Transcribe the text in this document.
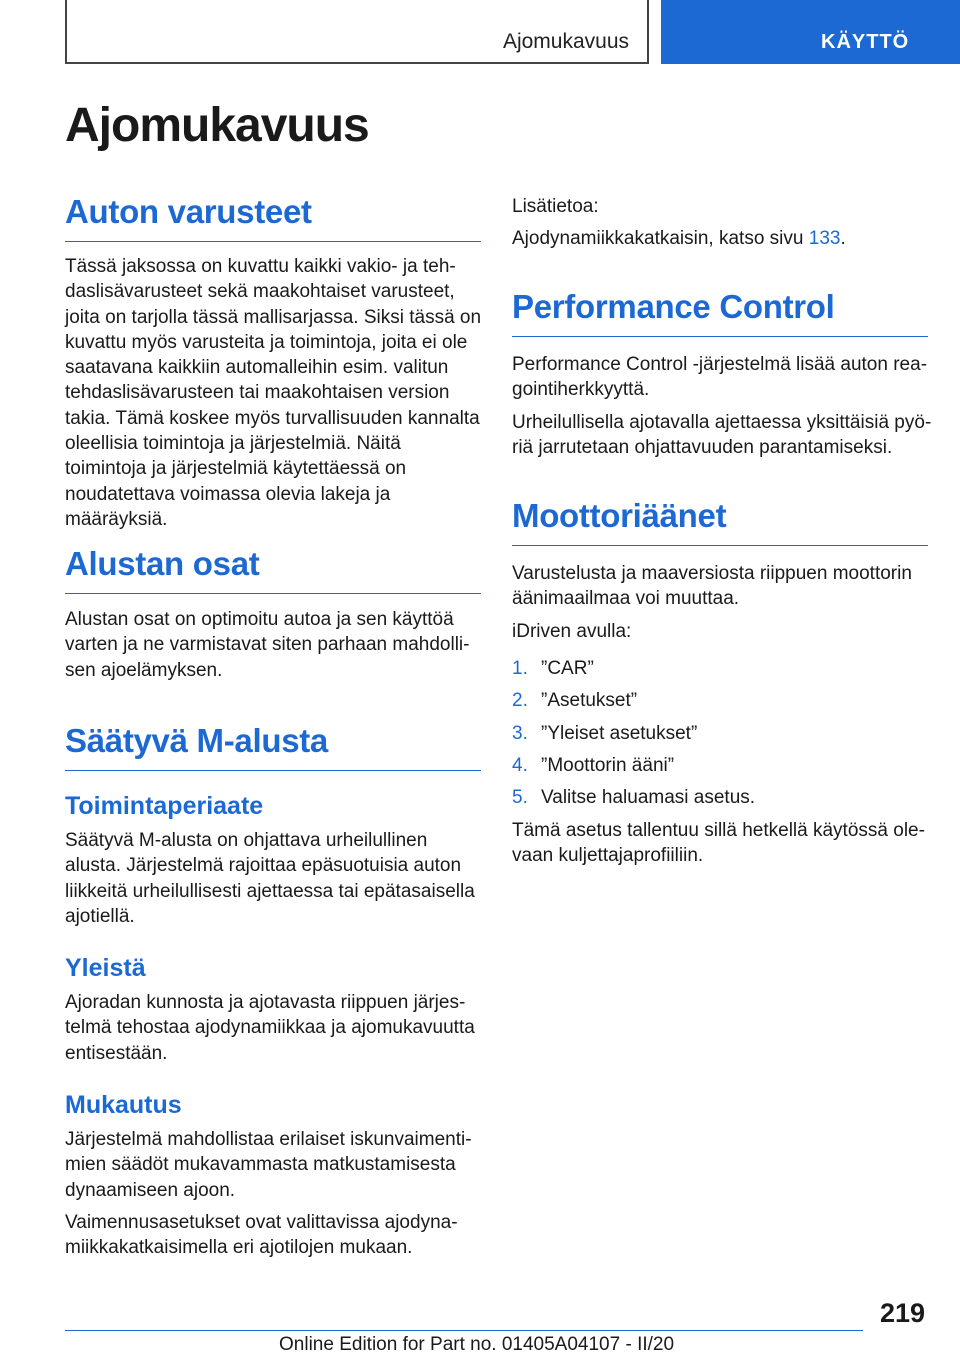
Ajomukavuus	KÄYTTÖ
Ajomukavuus
Auton varusteet

Tässä jaksossa on kuvattu kaikki vakio- ja tehdaslisävarusteet sekä maakohtaiset varusteet, joita on tarjolla tässä mallisarjassa. Siksi tässä on kuvattu myös varusteita ja toimintoja, joita ei ole saatavana kaikkiin automalleihin esim. valitun tehdaslisävarusteen tai maakohtaisen version takia. Tämä koskee myös turvallisuuden kannalta oleellisia toimintoja ja järjestelmiä. Näitä toimintoja ja järjestelmiä käytettäessä on noudatettava voimassa olevia lakeja ja määräyksiä.

Alustan osat

Alustan osat on optimoitu autoa ja sen käyttöä varten ja ne varmistavat siten parhaan mahdollisen ajoelämyksen.

Säätyvä M-alusta
Toimintaperiaate

Säätyvä M-alusta on ohjattava urheilullinen alusta. Järjestelmä rajoittaa epäsuotuisia auton liikkeitä urheilullisesti ajettaessa tai epätasaisella ajotiellä.

Yleistä

Ajoradan kunnosta ja ajotavasta riippuen järjestelmä tehostaa ajodynamiikkaa ja ajomukavuutta entisestään.

Mukautus

Järjestelmä mahdollistaa erilaiset iskunvaimentimien säädöt mukavammasta matkustamisesta dynaamiseen ajoon.

Vaimennusasetukset ovat valittavissa ajodynamiikkakatkaisimella eri ajotilojen mukaan.

Lisätietoa:

Ajodynamiikkakatkaisin, katso sivu 133.

Performance Control

Performance Control -järjestelmä lisää auton reagointiherkkyyttä.

Urheilullisella ajotavalla ajettaessa yksittäisiä pyöriä jarrutetaan ohjattavuuden parantamiseksi.

Moottoriäänet

Varustelusta ja maaversiosta riippuen moottorin äänimaailmaa voi muuttaa.

iDriven avulla:

1. ”CAR”
2. ”Asetukset”
3. ”Yleiset asetukset”
4. ”Moottorin ääni”
5. Valitse haluamasi asetus.

Tämä asetus tallentuu sillä hetkellä käytössä olevaan kuljettajaprofiiliin.

219
Online Edition for Part no. 01405A04107 - II/20
